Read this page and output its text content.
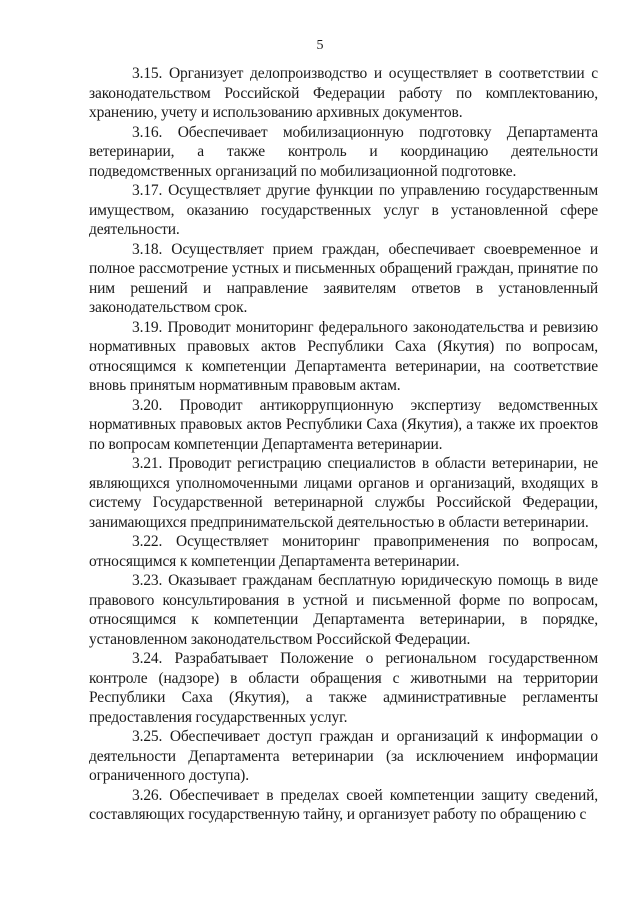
5

3.15. Организует делопроизводство и осуществляет в соответствии с законодательством Российской Федерации работу по комплектованию, хранению, учету и использованию архивных документов.

3.16. Обеспечивает мобилизационную подготовку Департамента ветеринарии, а также контроль и координацию деятельности подведомственных организаций по мобилизационной подготовке.

3.17. Осуществляет другие функции по управлению государственным имуществом, оказанию государственных услуг в установленной сфере деятельности.

3.18. Осуществляет прием граждан, обеспечивает своевременное и полное рассмотрение устных и письменных обращений граждан, принятие по ним решений и направление заявителям ответов в установленный законодательством срок.

3.19. Проводит мониторинг федерального законодательства и ревизию нормативных правовых актов Республики Саха (Якутия) по вопросам, относящимся к компетенции Департамента ветеринарии, на соответствие вновь принятым нормативным правовым актам.

3.20. Проводит антикоррупционную экспертизу ведомственных нормативных правовых актов Республики Саха (Якутия), а также их проектов по вопросам компетенции Департамента ветеринарии.

3.21. Проводит регистрацию специалистов в области ветеринарии, не являющихся уполномоченными лицами органов и организаций, входящих в систему Государственной ветеринарной службы Российской Федерации, занимающихся предпринимательской деятельностью в области ветеринарии.

3.22. Осуществляет мониторинг правоприменения по вопросам, относящимся к компетенции Департамента ветеринарии.

3.23. Оказывает гражданам бесплатную юридическую помощь в виде правового консультирования в устной и письменной форме по вопросам, относящимся к компетенции Департамента ветеринарии, в порядке, установленном законодательством Российской Федерации.

3.24. Разрабатывает Положение о региональном государственном контроле (надзоре) в области обращения с животными на территории Республики Саха (Якутия), а также административные регламенты предоставления государственных услуг.

3.25. Обеспечивает доступ граждан и организаций к информации о деятельности Департамента ветеринарии (за исключением информации ограниченного доступа).

3.26. Обеспечивает в пределах своей компетенции защиту сведений, составляющих государственную тайну, и организует работу по обращению с
